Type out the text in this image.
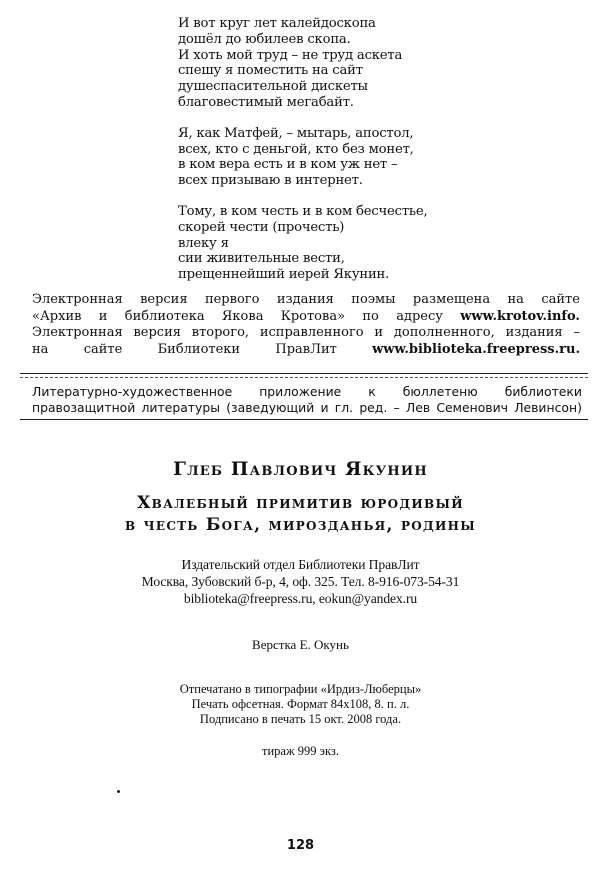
И вот круг лет калейдоскопа
дошёл до юбилеев скопа.
И хоть мой труд – не труд аскета
спешу я поместить на сайт
душеспасительной дискеты
благовестимый мегабайт.
Я, как Матфей, – мытарь, апостол,
всех, кто с деньгой, кто без монет,
в ком вера есть и в ком уж нет –
всех призываю в интернет.
Тому, в ком честь и в ком бесчестье,
скорей чести (прочесть)
влеку я
сии живительные вести,
прещеннейший иерей Якунин.
Электронная версия первого издания поэмы размещена на сайте
«Архив и библиотека Якова Кротова» по адресу www.krotov.info.
Электронная версия второго, исправленного и дополненного, издания –
на	сайте	Библиотеки	ПравЛит	www.biblioteka.freepress.ru.
Литературно-художественное приложение к бюллетеню библиотеки
правозащитной литературы (заведующий и гл. ред. – Лев Семенович Левинсон)
Глеб Павлович Якунин
Хвалебный примитив юродивый
в честь Бога, мирозданья, родины
Издательский отдел Библиотеки ПравЛит
Москва, Зубовский б-р, 4, оф. 325. Тел. 8-916-073-54-31
biblioteka@freepress.ru, eokun@yandex.ru
Верстка Е. Окунь
Отпечатано в типографии «Ирдиз-Люберцы»
Печать офсетная. Формат 84x108, 8. п. л.
Подписано в печать 15 окт. 2008 года.
тираж 999 экз.
128
